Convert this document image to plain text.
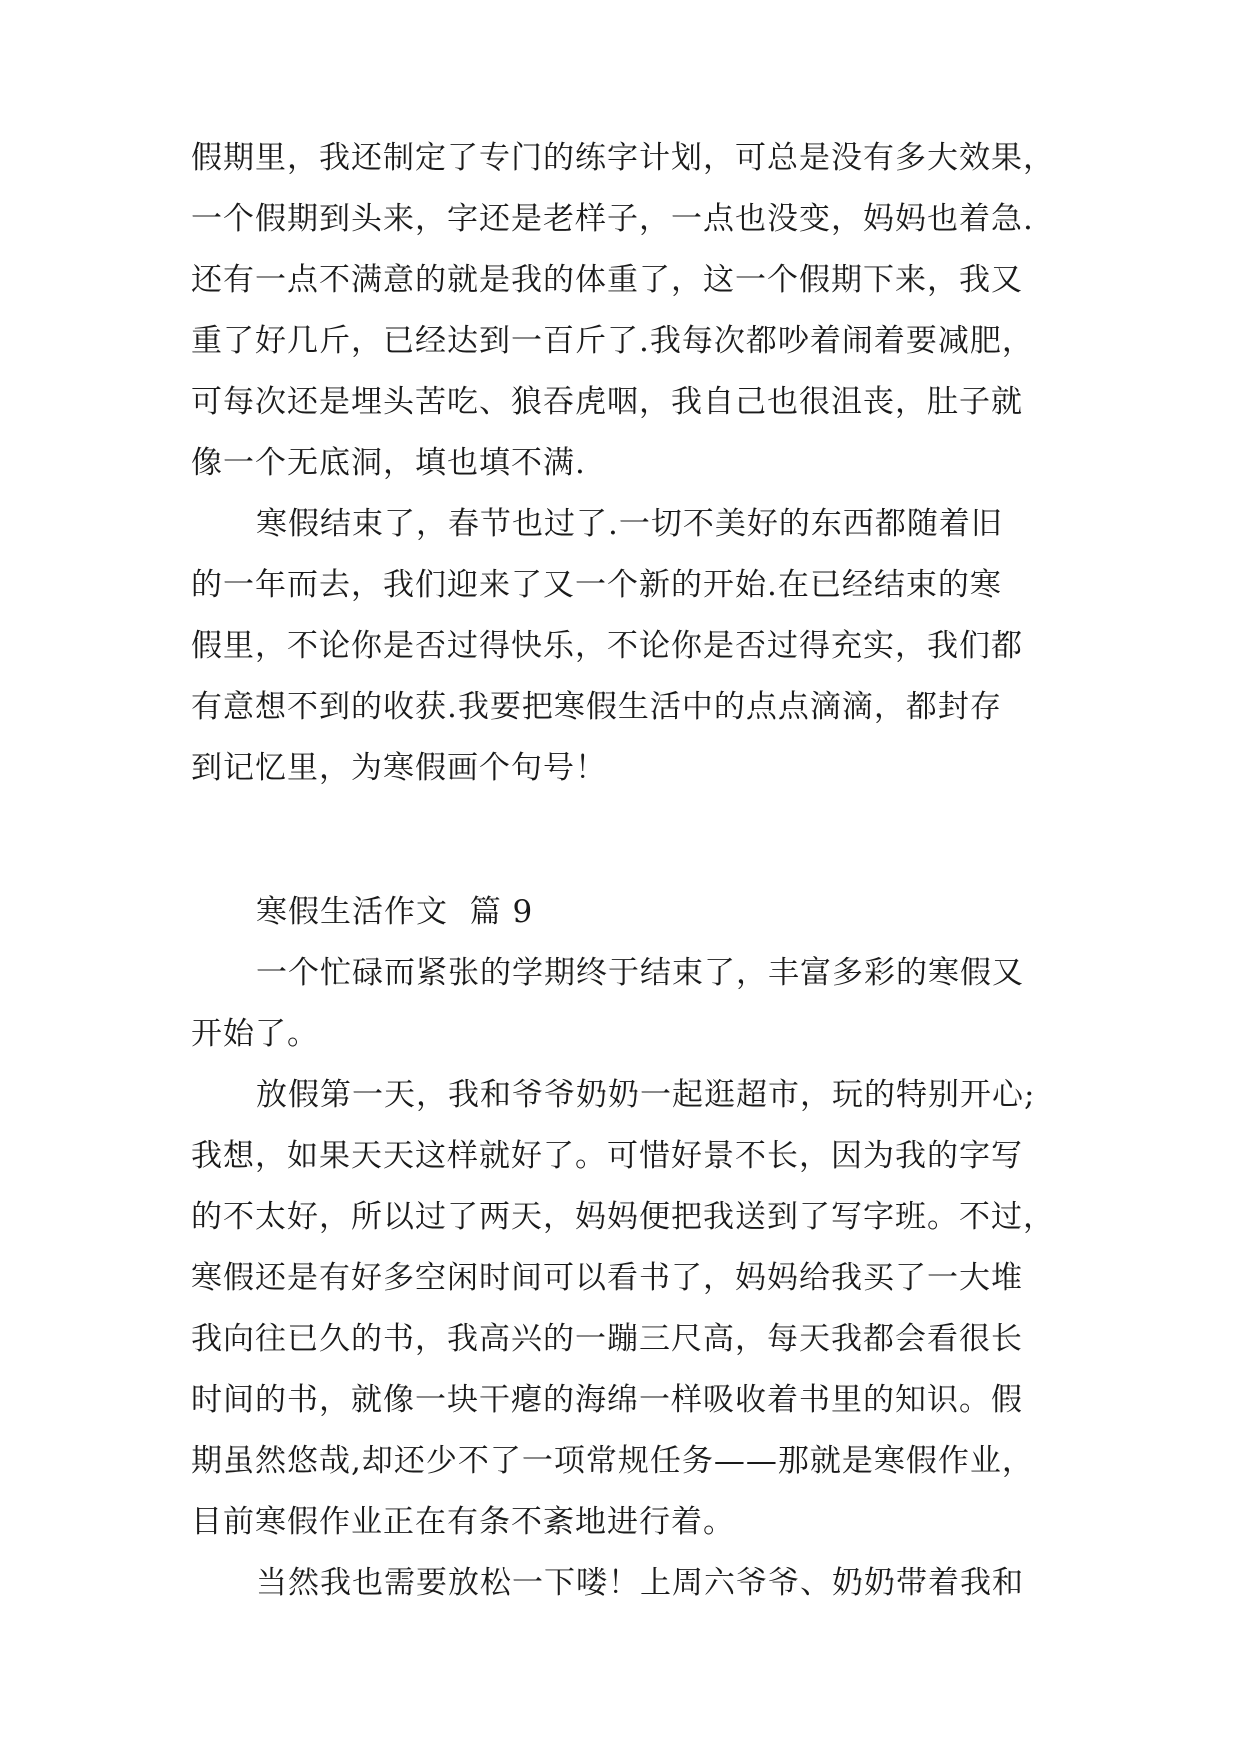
假期里，我还制定了专门的练字计划，可总是没有多大效果，
一个假期到头来，字还是老样子，一点也没变，妈妈也着急.
还有一点不满意的就是我的体重了，这一个假期下来，我又
重了好几斤，已经达到一百斤了.我每次都吵着闹着要减肥，
可每次还是埋头苦吃、狼吞虎咽，我自己也很沮丧，肚子就
像一个无底洞，填也填不满.
寒假结束了，春节也过了.一切不美好的东西都随着旧
的一年而去，我们迎来了又一个新的开始.在已经结束的寒
假里，不论你是否过得快乐，不论你是否过得充实，我们都
有意想不到的收获.我要把寒假生活中的点点滴滴，都封存
到记忆里，为寒假画个句号！
寒假生活作文  篇 9
一个忙碌而紧张的学期终于结束了，丰富多彩的寒假又
开始了。
放假第一天，我和爷爷奶奶一起逛超市，玩的特别开心;
我想，如果天天这样就好了。可惜好景不长，因为我的字写
的不太好，所以过了两天，妈妈便把我送到了写字班。不过，
寒假还是有好多空闲时间可以看书了，妈妈给我买了一大堆
我向往已久的书，我高兴的一蹦三尺高，每天我都会看很长
时间的书，就像一块干瘪的海绵一样吸收着书里的知识。假
期虽然悠哉,却还少不了一项常规任务——那就是寒假作业，
目前寒假作业正在有条不紊地进行着。
当然我也需要放松一下喽！上周六爷爷、奶奶带着我和
